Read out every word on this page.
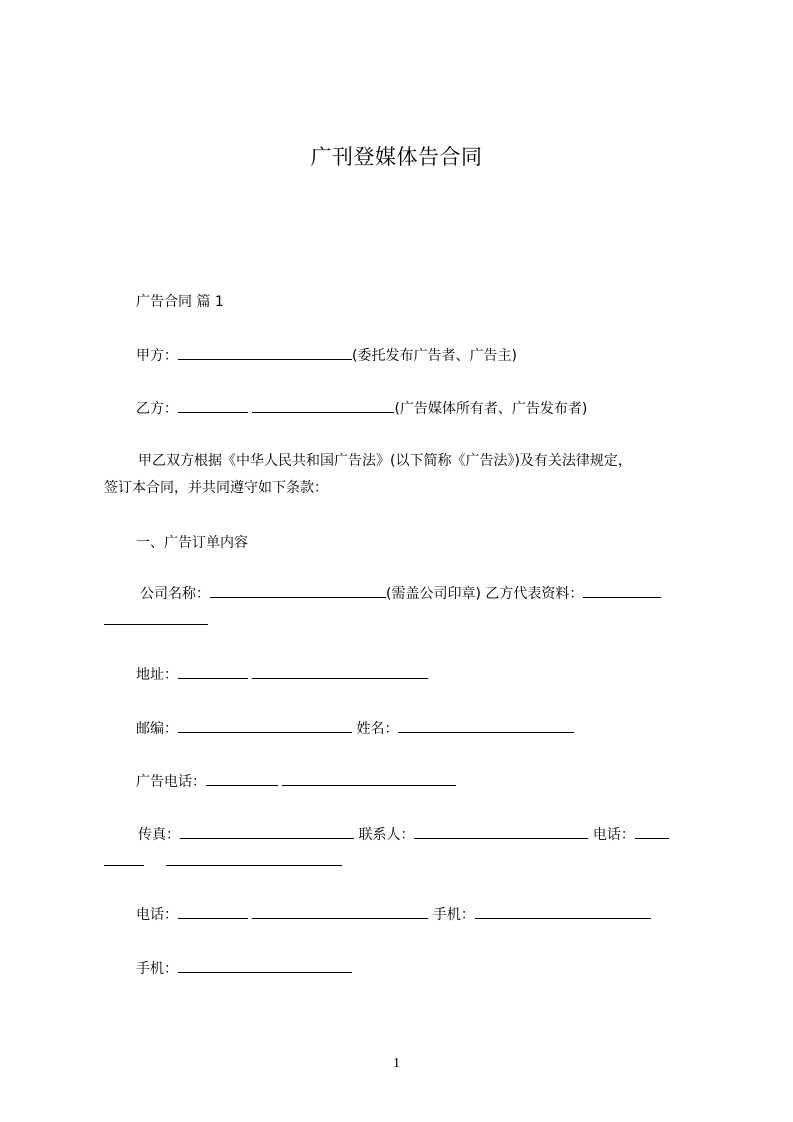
广刊登媒体告合同
广告合同 篇 1
甲方：	(委托发布广告者、广告主)
乙方：	(广告媒体所有者、广告发布者)
甲乙双方根据《中华人民共和国广告法》(以下简称《广告法》)及有关法律规定，
签订本合同，并共同遵守如下条款：
一、广告订单内容
公司名称：	(需盖公司印章) 乙方代表资料：
地址：
邮编：	姓名：
广告电话：
传真：	联系人：	电话：

电话：	手机：
手机：
1
